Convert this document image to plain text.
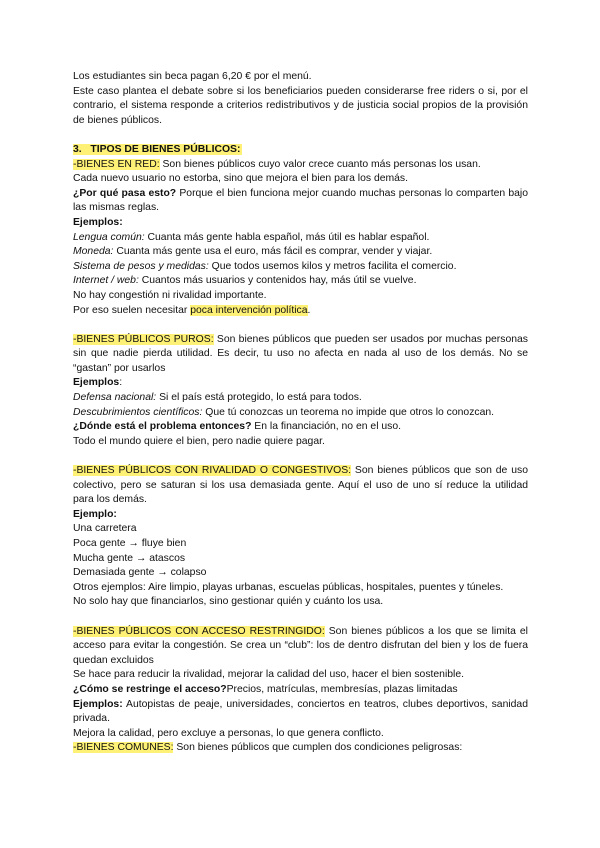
Los estudiantes sin beca pagan 6,20 € por el menú.

Este caso plantea el debate sobre si los beneficiarios pueden considerarse free riders o si, por el contrario, el sistema responde a criterios redistributivos y de justicia social propios de la provisión de bienes públicos.

3. TIPOS DE BIENES PÚBLICOS:

-BIENES EN RED: Son bienes públicos cuyo valor crece cuanto más personas los usan.

Cada nuevo usuario no estorba, sino que mejora el bien para los demás.

¿Por qué pasa esto? Porque el bien funciona mejor cuando muchas personas lo comparten bajo las mismas reglas.

Ejemplos:

Lengua común: Cuanta más gente habla español, más útil es hablar español.

Moneda: Cuanta más gente usa el euro, más fácil es comprar, vender y viajar.

Sistema de pesos y medidas: Que todos usemos kilos y metros facilita el comercio.

Internet / web: Cuantos más usuarios y contenidos hay, más útil se vuelve.

No hay congestión ni rivalidad importante.

Por eso suelen necesitar poca intervención política.

-BIENES PÚBLICOS PUROS: Son bienes públicos que pueden ser usados por muchas personas sin que nadie pierda utilidad. Es decir, tu uso no afecta en nada al uso de los demás. No se “gastan” por usarlos

Ejemplos:

Defensa nacional: Si el país está protegido, lo está para todos.

Descubrimientos científicos: Que tú conozcas un teorema no impide que otros lo conozcan.

¿Dónde está el problema entonces? En la financiación, no en el uso.

Todo el mundo quiere el bien, pero nadie quiere pagar.

-BIENES PÚBLICOS CON RIVALIDAD O CONGESTIVOS: Son bienes públicos que son de uso colectivo, pero se saturan si los usa demasiada gente. Aquí el uso de uno sí reduce la utilidad para los demás.

Ejemplo:

Una carretera

Poca gente → fluye bien

Mucha gente → atascos

Demasiada gente → colapso

Otros ejemplos: Aire limpio, playas urbanas, escuelas públicas, hospitales, puentes y túneles.

No solo hay que financiarlos, sino gestionar quién y cuánto los usa.

-BIENES PÚBLICOS CON ACCESO RESTRINGIDO: Son bienes públicos a los que se limita el acceso para evitar la congestión. Se crea un “club”: los de dentro disfrutan del bien y los de fuera quedan excluidos

Se hace para reducir la rivalidad, mejorar la calidad del uso, hacer el bien sostenible.

¿Cómo se restringe el acceso?Precios, matrículas, membresías, plazas limitadas

Ejemplos: Autopistas de peaje, universidades, conciertos en teatros, clubes deportivos, sanidad privada.

Mejora la calidad, pero excluye a personas, lo que genera conflicto.

-BIENES COMUNES: Son bienes públicos que cumplen dos condiciones peligrosas:
